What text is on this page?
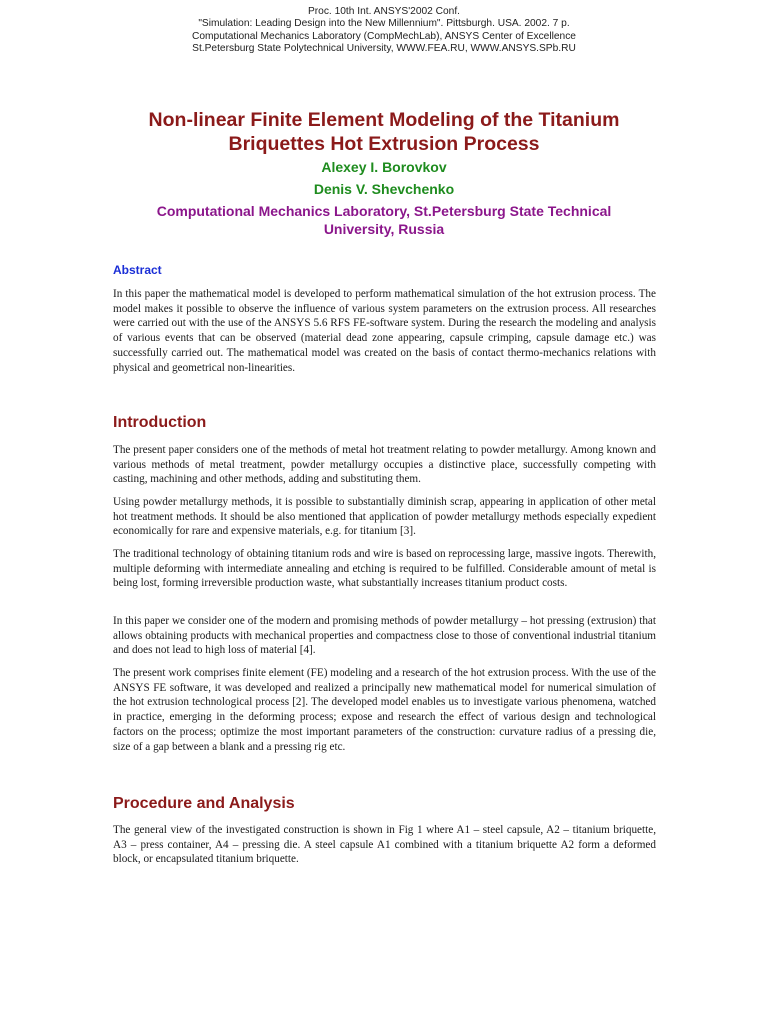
Proc. 10th Int. ANSYS'2002 Conf.
"Simulation: Leading Design into the New Millennium". Pittsburgh. USA. 2002. 7 p.
Computational Mechanics Laboratory (CompMechLab), ANSYS Center of Excellence
St.Petersburg State Polytechnical University, WWW.FEA.RU, WWW.ANSYS.SPb.RU
Non-linear Finite Element Modeling of the Titanium
Briquettes Hot Extrusion Process
Alexey I. Borovkov
Denis V. Shevchenko
Computational Mechanics Laboratory, St.Petersburg State Technical
University, Russia
Abstract

In this paper the mathematical model is developed to perform mathematical simulation of the hot extrusion process. The model makes it possible to observe the influence of various system parameters on the extrusion process. All researches were carried out with the use of the ANSYS 5.6 RFS FE-software system. During the research the modeling and analysis of various events that can be observed (material dead zone appearing, capsule crimping, capsule damage etc.) was successfully carried out. The mathematical model was created on the basis of contact thermo-mechanics relations with physical and geometrical non-linearities.

Introduction

The present paper considers one of the methods of metal hot treatment relating to powder metallurgy. Among known and various methods of metal treatment, powder metallurgy occupies a distinctive place, successfully competing with casting, machining and other methods, adding and substituting them.

Using powder metallurgy methods, it is possible to substantially diminish scrap, appearing in application of other metal hot treatment methods. It should be also mentioned that application of powder metallurgy methods especially expedient economically for rare and expensive materials, e.g. for titanium [3].

The traditional technology of obtaining titanium rods and wire is based on reprocessing large, massive ingots. Therewith, multiple deforming with intermediate annealing and etching is required to be fulfilled. Considerable amount of metal is being lost, forming irreversible production waste, what substantially increases titanium product costs.

In this paper we consider one of the modern and promising methods of powder metallurgy – hot pressing (extrusion) that allows obtaining products with mechanical properties and compactness close to those of conventional industrial titanium and does not lead to high loss of material [4].

The present work comprises finite element (FE) modeling and a research of the hot extrusion process. With the use of the ANSYS FE software, it was developed and realized a principally new mathematical model for numerical simulation of the hot extrusion technological process [2]. The developed model enables us to investigate various phenomena, watched in practice, emerging in the deforming process; expose and research the effect of various design and technological factors on the process; optimize the most important parameters of the construction: curvature radius of a pressing die, size of a gap between a blank and a pressing rig etc.

Procedure and Analysis

The general view of the investigated construction is shown in Fig 1 where A1 – steel capsule, A2 – titanium briquette, A3 – press container, A4 – pressing die. A steel capsule A1 combined with a titanium briquette A2 form a deformed block, or encapsulated titanium briquette.
